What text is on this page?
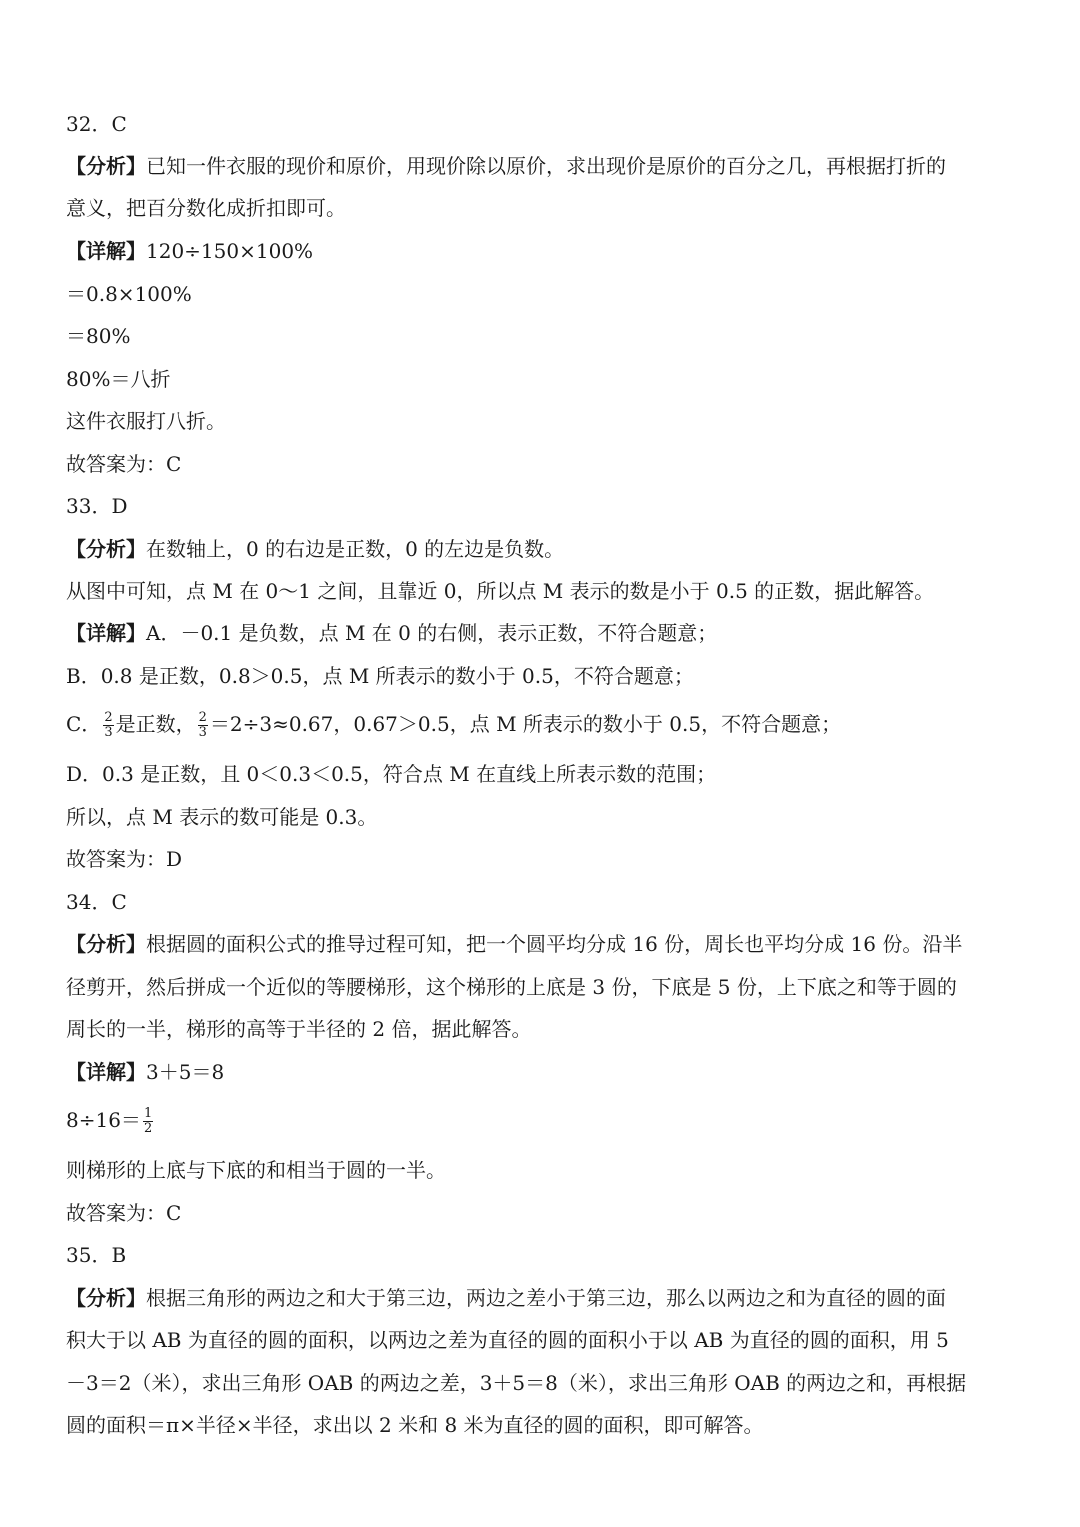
32．C
【分析】已知一件衣服的现价和原价，用现价除以原价，求出现价是原价的百分之几，再根据打折的
意义，把百分数化成折扣即可。
【详解】120÷150×100%
＝0.8×100%
＝80%
80%＝八折
这件衣服打八折。
故答案为：C
33．D
【分析】在数轴上，0 的右边是正数，0 的左边是负数。
从图中可知，点 M 在 0～1 之间，且靠近 0，所以点 M 表示的数是小于 0.5 的正数，据此解答。
【详解】A．－0.1 是负数，点 M 在 0 的右侧，表示正数，不符合题意；
B．0.8 是正数，0.8＞0.5，点 M 所表示的数小于 0.5，不符合题意；
C． $\frac{2}{3}$ 是正数， $\frac{2}{3} =2\div 3\approx 0.67$，0.67＞0.5，点 M 所表示的数小于 0.5，不符合题意；
D．0.3 是正数，且 0＜0.3＜0.5，符合点 M 在直线上所表示数的范围；
所以，点 M 表示的数可能是 0.3。
故答案为：D
34．C
【分析】根据圆的面积公式的推导过程可知，把一个圆平均分成 16 份，周长也平均分成 16 份。沿半
径剪开，然后拼成一个近似的等腰梯形，这个梯形的上底是 3 份，下底是 5 份，上下底之和等于圆的
周长的一半，梯形的高等于半径的 2 倍，据此解答。
【详解】3＋5＝8
$8\div 16= \frac{1}{2}$
则梯形的上底与下底的和相当于圆的一半。
故答案为：C
35．B
【分析】根据三角形的两边之和大于第三边，两边之差小于第三边，那么以两边之和为直径的圆的面
积大于以 AB 为直径的圆的面积，以两边之差为直径的圆的面积小于以 AB 为直径的圆的面积，用 5
－3＝2（米），求出三角形 OAB 的两边之差，3＋5＝8（米），求出三角形 OAB 的两边之和，再根据
圆的面积＝π×半径×半径，求出以 2 米和 8 米为直径的圆的面积，即可解答。
